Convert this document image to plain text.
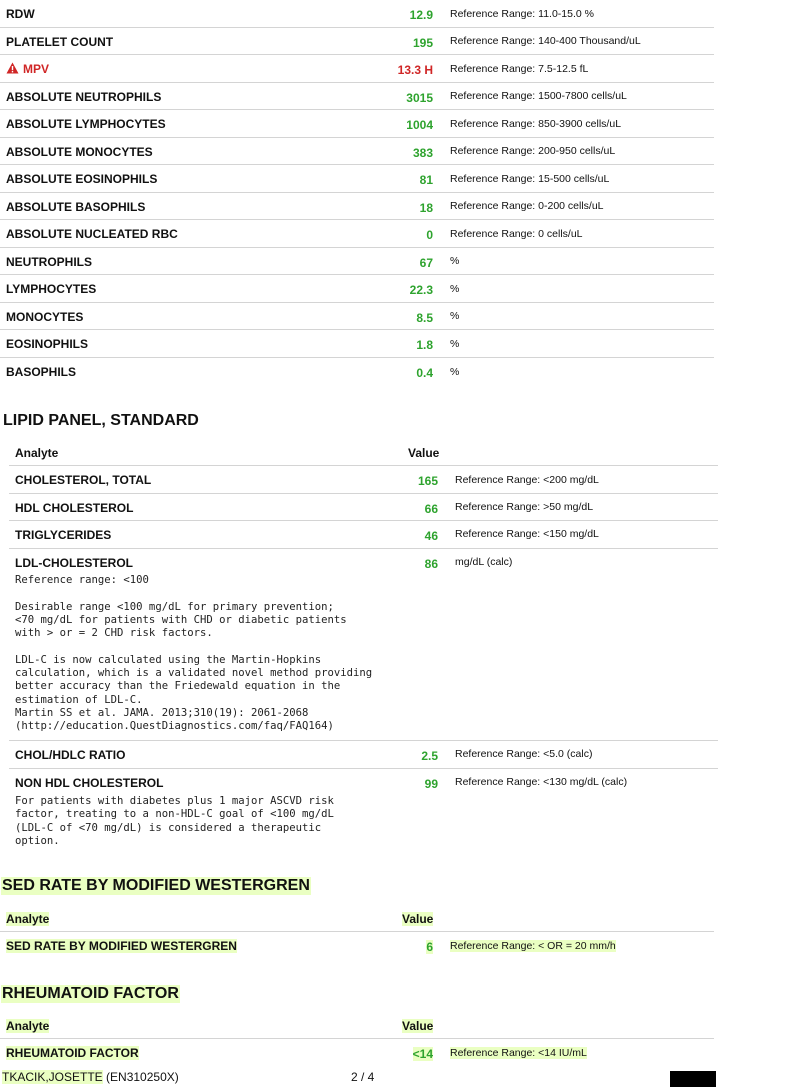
RDW	12.9 Reference Range: 11.0-15.0 %
PLATELET COUNT	195 Reference Range: 140-400 Thousand/uL
MPV	13.3 H Reference Range: 7.5-12.5 fL
ABSOLUTE NEUTROPHILS	3015 Reference Range: 1500-7800 cells/uL
ABSOLUTE LYMPHOCYTES	1004 Reference Range: 850-3900 cells/uL
ABSOLUTE MONOCYTES	383 Reference Range: 200-950 cells/uL
ABSOLUTE EOSINOPHILS	81 Reference Range: 15-500 cells/uL
ABSOLUTE BASOPHILS	18 Reference Range: 0-200 cells/uL
ABSOLUTE NUCLEATED RBC	0 Reference Range: 0 cells/uL
NEUTROPHILS	67 %
LYMPHOCYTES	22.3 %
MONOCYTES	8.5 %
EOSINOPHILS	1.8 %
BASOPHILS	0.4 %
LIPID PANEL, STANDARD
Analyte	Value
CHOLESTEROL, TOTAL	165 Reference Range: <200 mg/dL
HDL CHOLESTEROL	66 Reference Range: >50 mg/dL
TRIGLYCERIDES	46 Reference Range: <150 mg/dL
LDL-CHOLESTEROL	86 mg/dL (calc)
Reference range: <100

Desirable range <100 mg/dL for primary prevention;
<70 mg/dL for patients with CHD or diabetic patients
with > or = 2 CHD risk factors.

LDL-C is now calculated using the Martin-Hopkins
calculation, which is a validated novel method providing
better accuracy than the Friedewald equation in the
estimation of LDL-C.
Martin SS et al. JAMA. 2013;310(19): 2061-2068
(http://education.QuestDiagnostics.com/faq/FAQ164)
CHOL/HDLC RATIO	2.5 Reference Range: <5.0 (calc)
NON HDL CHOLESTEROL	99 Reference Range: <130 mg/dL (calc)
For patients with diabetes plus 1 major ASCVD risk
factor, treating to a non-HDL-C goal of <100 mg/dL
(LDL-C of <70 mg/dL) is considered a therapeutic
option.
SED RATE BY MODIFIED WESTERGREN
Analyte	Value
SED RATE BY MODIFIED WESTERGREN	6 Reference Range: < OR = 20 mm/h
RHEUMATOID FACTOR
Analyte	Value
RHEUMATOID FACTOR	<14 Reference Range: <14 IU/mL
TKACIK,JOSETTE (EN310250X)	2 / 4
